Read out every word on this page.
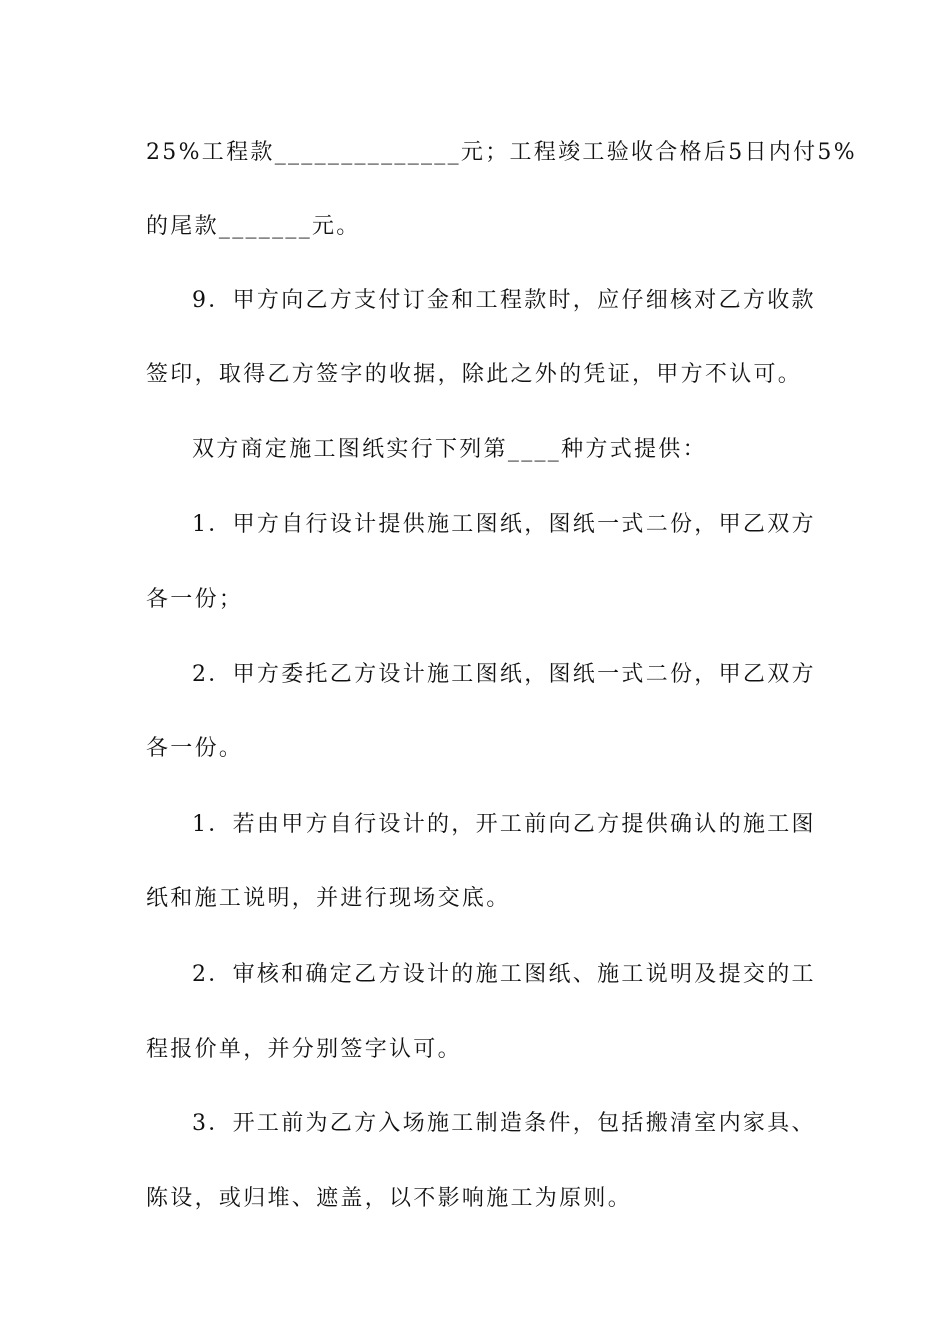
25%工程款______________元；工程竣工验收合格后5日内付5%
的尾款_______元。
9．甲方向乙方支付订金和工程款时，应仔细核对乙方收款
签印，取得乙方签字的收据，除此之外的凭证，甲方不认可。
双方商定施工图纸实行下列第____种方式提供：
1．甲方自行设计提供施工图纸，图纸一式二份，甲乙双方
各一份；
2．甲方委托乙方设计施工图纸，图纸一式二份，甲乙双方
各一份。
1．若由甲方自行设计的，开工前向乙方提供确认的施工图
纸和施工说明，并进行现场交底。
2．审核和确定乙方设计的施工图纸、施工说明及提交的工
程报价单，并分别签字认可。
3．开工前为乙方入场施工制造条件，包括搬清室内家具、
陈设，或归堆、遮盖，以不影响施工为原则。
